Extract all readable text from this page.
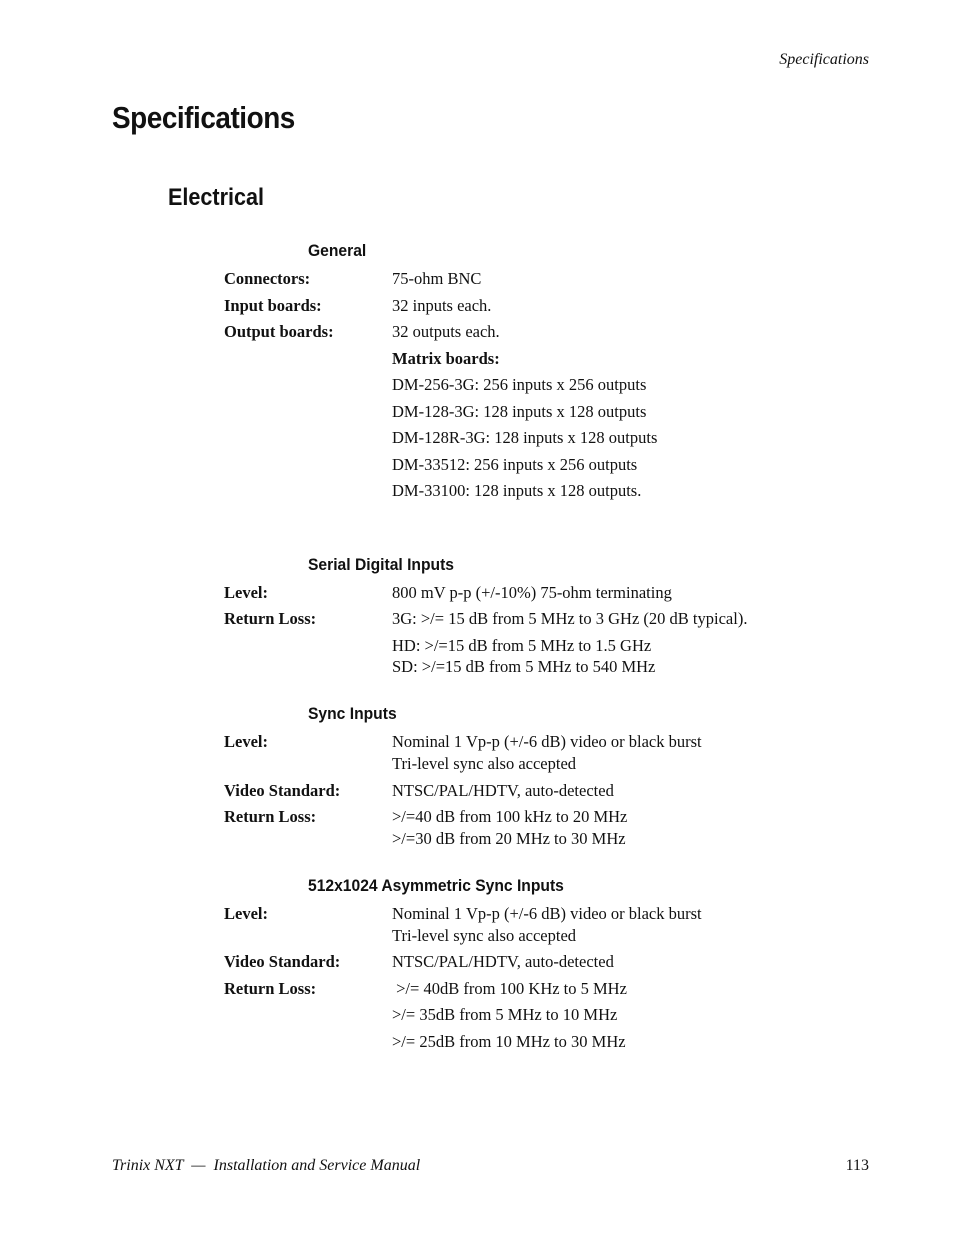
Specifications
Specifications
Electrical
General
Connectors:	75-ohm BNC
Input boards:	32 inputs each.
Output boards:	32 outputs each.
Matrix boards:
DM-256-3G: 256 inputs x 256 outputs
DM-128-3G: 128 inputs x 128 outputs
DM-128R-3G: 128 inputs x 128 outputs
DM-33512: 256 inputs x 256 outputs
DM-33100: 128 inputs x 128 outputs.
Serial Digital Inputs
Level:	800 mV p-p (+/-10%) 75-ohm terminating
Return Loss:	3G: >/= 15 dB from 5 MHz to 3 GHz (20 dB typical).
HD: >/=15 dB from 5 MHz to 1.5 GHz
SD: >/=15 dB from 5 MHz to 540 MHz
Sync Inputs
Level:	Nominal 1 Vp-p (+/-6 dB) video or black burst
Tri-level sync also accepted
Video Standard:	NTSC/PAL/HDTV, auto-detected
Return Loss:	>/=40 dB from 100 kHz to 20 MHz
>/=30 dB from 20 MHz to 30 MHz
512x1024 Asymmetric Sync Inputs
Level:	Nominal 1 Vp-p (+/-6 dB) video or black burst
Tri-level sync also accepted
Video Standard:	NTSC/PAL/HDTV, auto-detected
Return Loss:	>/= 40dB from 100 KHz to 5 MHz
>/= 35dB from 5 MHz to 10 MHz
>/= 25dB from 10 MHz to 30 MHz
Trinix NXT  —  Installation and Service Manual	113
